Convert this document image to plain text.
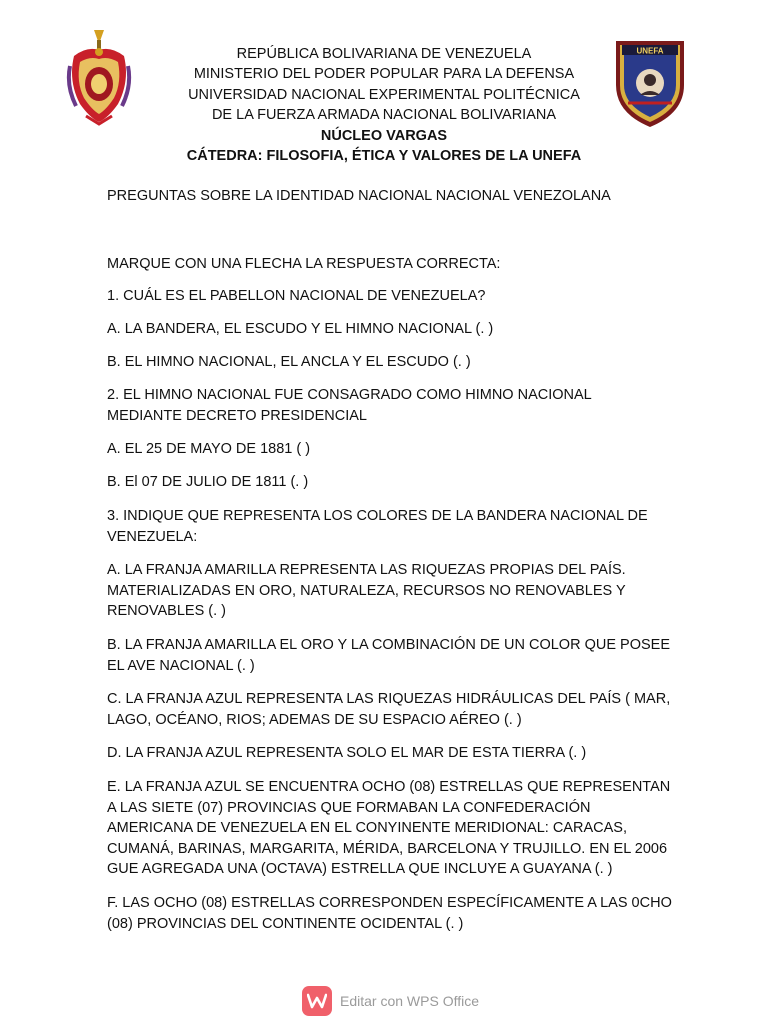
UNEFA
REPÚBLICA BOLIVARIANA DE VENEZUELA
MINISTERIO DEL PODER POPULAR PARA LA DEFENSA
UNIVERSIDAD NACIONAL EXPERIMENTAL POLITÉCNICA
DE LA FUERZA ARMADA NACIONAL BOLIVARIANA
NÚCLEO VARGAS
CÁTEDRA: FILOSOFIA, ÉTICA Y VALORES DE LA UNEFA
PREGUNTAS SOBRE LA IDENTIDAD NACIONAL NACIONAL VENEZOLANA
MARQUE CON UNA FLECHA LA RESPUESTA CORRECTA:
1. CUÁL ES EL PABELLON NACIONAL DE VENEZUELA?
A. LA BANDERA, EL ESCUDO Y EL HIMNO NACIONAL (. )
B. EL HIMNO NACIONAL, EL ANCLA Y EL ESCUDO (. )
2. EL HIMNO NACIONAL FUE CONSAGRADO COMO HIMNO NACIONAL
MEDIANTE DECRETO PRESIDENCIAL
A. EL 25 DE MAYO DE 1881 ( )
B. El 07 DE JULIO DE 1811 (. )
3. INDIQUE QUE REPRESENTA LOS COLORES DE LA BANDERA NACIONAL DE
VENEZUELA:
A. LA FRANJA AMARILLA REPRESENTA LAS RIQUEZAS PROPIAS DEL PAÍS.
MATERIALIZADAS EN ORO, NATURALEZA, RECURSOS NO RENOVABLES Y
RENOVABLES (. )
B. LA FRANJA AMARILLA EL ORO Y LA COMBINACIÓN DE UN COLOR QUE POSEE
EL AVE NACIONAL (. )
C. LA FRANJA AZUL REPRESENTA LAS RIQUEZAS HIDRÁULICAS DEL PAÍS ( MAR,
LAGO, OCÉANO, RIOS; ADEMAS DE SU ESPACIO AÉREO (. )
D. LA FRANJA AZUL REPRESENTA SOLO EL MAR DE ESTA TIERRA (. )
E. LA FRANJA AZUL SE ENCUENTRA OCHO (08) ESTRELLAS QUE REPRESENTAN
A LAS SIETE (07) PROVINCIAS QUE FORMABAN LA CONFEDERACIÓN
AMERICANA DE VENEZUELA EN EL CONYINENTE MERIDIONAL: CARACAS,
CUMANÁ, BARINAS, MARGARITA, MÉRIDA, BARCELONA Y TRUJILLO. EN EL 2006
GUE AGREGADA UNA (OCTAVA) ESTRELLA QUE INCLUYE A GUAYANA (. )
F. LAS OCHO (08) ESTRELLAS CORRESPONDEN ESPECÍFICAMENTE A LAS 0CHO
(08) PROVINCIAS DEL CONTINENTE OCIDENTAL (. )
Editar con WPS Office
